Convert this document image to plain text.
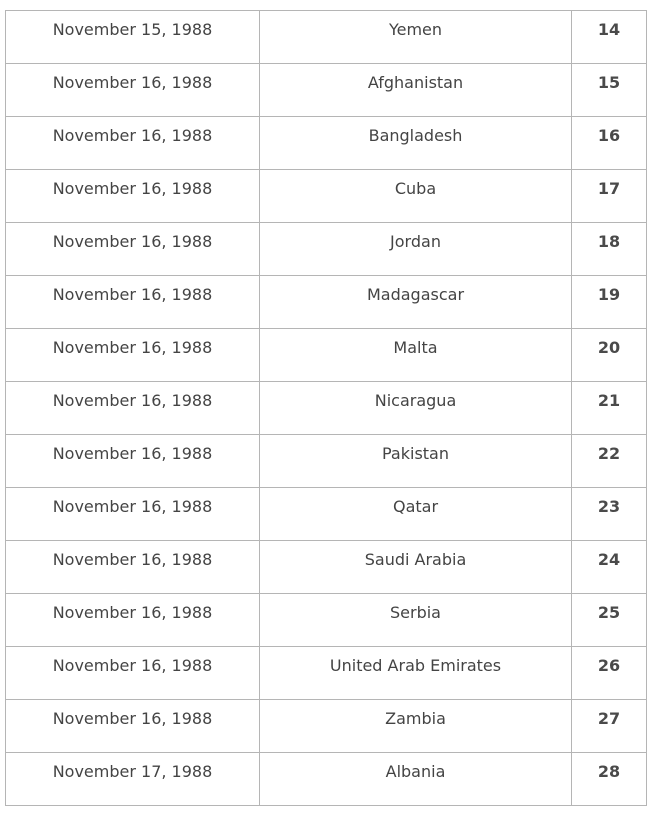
November 15, 1988	Yemen	14
November 16, 1988	Afghanistan	15
November 16, 1988	Bangladesh	16
November 16, 1988	Cuba	17
November 16, 1988	Jordan	18
November 16, 1988	Madagascar	19
November 16, 1988	Malta	20
November 16, 1988	Nicaragua	21
November 16, 1988	Pakistan	22
November 16, 1988	Qatar	23
November 16, 1988	Saudi Arabia	24
November 16, 1988	Serbia	25
November 16, 1988	United Arab Emirates	26
November 16, 1988	Zambia	27
November 17, 1988	Albania	28
